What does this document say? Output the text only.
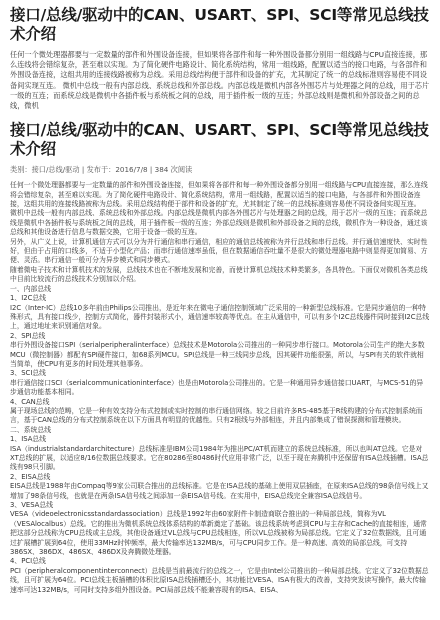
接口/总线/驱动中的CAN、USART、SPI、SCI等常见总线技术介绍

任何一个微处理器都要与一定数量的部件和外围设备连接，但如果将各部件和每一种外围设备都分别用一组线路与CPU直接连接，那么连线将会错综复杂，甚至难以实现。为了简化硬件电路设计、简化系统结构，常用一组线路，配置以适当的接口电路，与各部件和外围设备连接，这组共用的连接线路被称为总线。采用总线结构便于部件和设备的扩充，尤其制定了统一的总线标准则容易使不同设备间实现互连。 微机中总线一般有内部总线、系统总线和外部总线。内部总线是微机内部各外围芯片与处理器之间的总线，用于芯片一级的互连；而系统总线是微机中各插件板与系统板之间的总线，用于插件板一级的互连；外部总线则是微机和外部设备之间的总线，微机

接口/总线/驱动中的CAN、USART、SPI、SCI等常见总线技术介绍
类别：接口/总线/驱动 | 发布于：2016/7/8 | 384 次阅读

任何一个微处理器都要与一定数量的部件和外围设备连接，但如果将各部件和每一种外围设备都分别用一组线路与CPU直接连接，那么连线将会错综复杂，甚至难以实现。为了简化硬件电路设计、简化系统结构，常用一组线路，配置以适当的接口电路，与各部件和外围设备连接，这组共用的连接线路被称为总线。采用总线结构便于部件和设备的扩充，尤其制定了统一的总线标准则容易使不同设备间实现互连。

微机中总线一般有内部总线、系统总线和外部总线。内部总线是微机内部各外围芯片与处理器之间的总线，用于芯片一级的互连；而系统总线是微机中各插件板与系统板之间的总线，用于插件板一级的互连；外部总线则是微机和外部设备之间的总线，微机作为一种设备，通过该总线和其他设备进行信息与数据交换，它用于设备一级的互连。

另外，从广义上说，计算机通信方式可以分为并行通信和串行通信，相应的通信总线被称为并行总线和串行总线。并行通信速度快、实时性好，但由于占用的口线多，不适于小型化产品；而串行通信速率虽低，但在数据通信吞吐量不是很大的微处理器电路中则显得更加简易、方便、灵活。串行通信一般可分为异步模式和同步模式。

随着微电子技术和计算机技术的发展，总线技术也在不断地发展和完善，而使计算机总线技术种类繁多，各具特色。下面仅对微机各类总线中目前比较流行的总线技术分别加以介绍。

一、内部总线

1、I2C总线

I2C（Inter-IC）总线10多年前由Philips公司推出，是近年来在微电子通信控制领域广泛采用的一种新型总线标准。它是同步通信的一种特殊形式，具有接口线少，控制方式简化，器件封装形式小，通信速率较高等优点。在主从通信中，可以有多个I2C总线器件同时接到I2C总线上，通过地址来识别通信对象。

2、SPI总线

串行外围设备接口SPI（serialperipheralinterface）总线技术是Motorola公司推出的一种同步串行接口。Motorola公司生产的绝大多数MCU（微控制器）都配有SPI硬件接口，如68系列MCU。SPI总线是一种三线同步总线，因其硬件功能很强，所以，与SPI有关的软件就相当简单，使CPU有更多的时间处理其他事务。

3、SCI总线

串行通信接口SCI（serialcommunicationinterface）也是由Motorola公司推出的。它是一种通用异步通信接口UART，与MCS-51的异步通信功能基本相同。

4、CAN总线

属于现场总线的范畴，它是一种有效支持分布式控制或实时控制的串行通信网络。较之目前许多RS-485基于R线构建的分布式控制系统而言，基于CAN总线的分布式控制系统在以下方面具有明显的优越性。只有2根线与外部相连，并且内部集成了错误探测和管理模块。

二、系统总线

1、ISA总线

ISA（industrialstandardarchitecture）总线标准是IBM公司1984年为推出PC/AT机而建立的系统总线标准，所以也叫AT总线。它是对XT总线的扩展，以适应8/16位数据总线要求。它在80286至80486时代应用非常广泛，以至于现在奔腾机中还保留有ISA总线插槽。ISA总线有98只引脚。

2、EISA总线

EISA总线是1988年由Compaq等9家公司联合推出的总线标准。它是在ISA总线的基础上使用双层插座，在原来ISA总线的98条信号线上又增加了98条信号线，也就是在两条ISA信号线之间添加一条EISA信号线。在实用中，EISA总线完全兼容ISA总线信号。

3、VESA总线

VESA（videoelectronicsstandardassociation）总线是1992年由60家附件卡制造商联合推出的一种局部总线，简称为VL（VESAlocalbus）总线。它的推出为微机系统总线体系结构的革新奠定了基础。该总线系统考虑到CPU与主存和Cache的直接相连，通常把这部分总线称为CPU总线或主总线，其他设备通过VL总线与CPU总线相连，所以VL总线被称为局部总线。它定义了32位数据线，且可通过扩展槽扩展到64位，使用33MHz时钟频率，最大传输率达132MB/s，可与CPU同步工作。是一种高速、高效的局部总线，可支持386SX、386DX、486SX、486DX及奔腾微处理器。

4、PCI总线

PCI（peripheralcomponentinterconnect）总线是当前最流行的总线之一，它是由Intel公司推出的一种局部总线。它定义了32位数据总线，且可扩展为64位。PCI总线主板插槽的体积比原ISA总线插槽还小，其功能比VESA、ISA有极大的改善，支持突发读写操作，最大传输速率可达132MB/s，可同时支持多组外围设备。PCI局部总线不能兼容现有的ISA、EISA、
